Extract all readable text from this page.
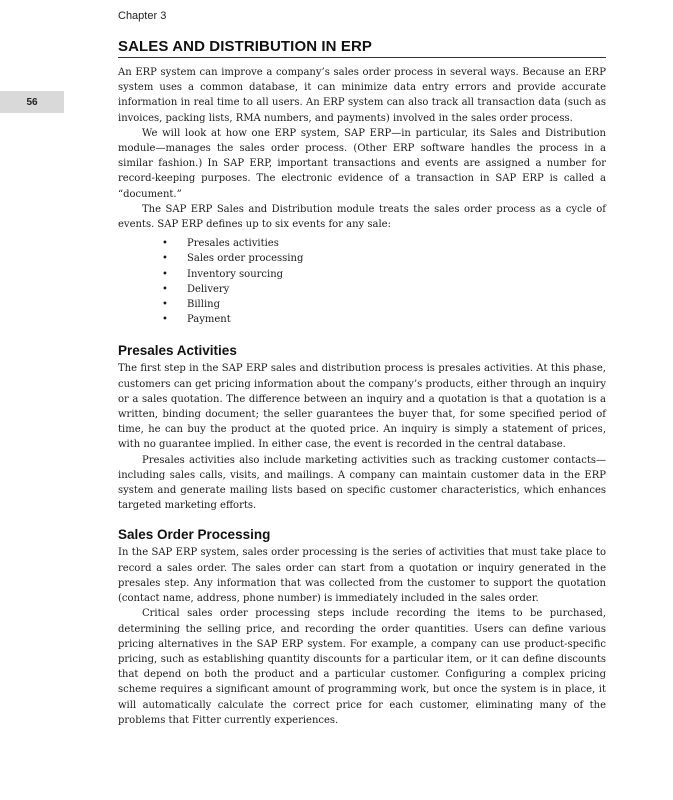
Chapter 3
56
SALES AND DISTRIBUTION IN ERP

An ERP system can improve a company’s sales order process in several ways. Because an ERP system uses a common database, it can minimize data entry errors and provide accurate information in real time to all users. An ERP system can also track all transaction data (such as invoices, packing lists, RMA numbers, and payments) involved in the sales order process.

We will look at how one ERP system, SAP ERP—in particular, its Sales and Distribution module—manages the sales order process. (Other ERP software handles the process in a similar fashion.) In SAP ERP, important transactions and events are assigned a number for record-keeping purposes. The electronic evidence of a transaction in SAP ERP is called a “document.”

The SAP ERP Sales and Distribution module treats the sales order process as a cycle of events. SAP ERP defines up to six events for any sale:

• Presales activities
• Sales order processing
• Inventory sourcing
• Delivery
• Billing
• Payment
Presales Activities

The first step in the SAP ERP sales and distribution process is presales activities. At this phase, customers can get pricing information about the company’s products, either through an inquiry or a sales quotation. The difference between an inquiry and a quotation is that a quotation is a written, binding document; the seller guarantees the buyer that, for some specified period of time, he can buy the product at the quoted price. An inquiry is simply a statement of prices, with no guarantee implied. In either case, the event is recorded in the central database.

Presales activities also include marketing activities such as tracking customer contacts—including sales calls, visits, and mailings. A company can maintain customer data in the ERP system and generate mailing lists based on specific customer characteristics, which enhances targeted marketing efforts.

Sales Order Processing

In the SAP ERP system, sales order processing is the series of activities that must take place to record a sales order. The sales order can start from a quotation or inquiry generated in the presales step. Any information that was collected from the customer to support the quotation (contact name, address, phone number) is immediately included in the sales order.

Critical sales order processing steps include recording the items to be purchased, determining the selling price, and recording the order quantities. Users can define various pricing alternatives in the SAP ERP system. For example, a company can use product-specific pricing, such as establishing quantity discounts for a particular item, or it can define discounts that depend on both the product and a particular customer. Configuring a complex pricing scheme requires a significant amount of programming work, but once the system is in place, it will automatically calculate the correct price for each customer, eliminating many of the problems that Fitter currently experiences.
